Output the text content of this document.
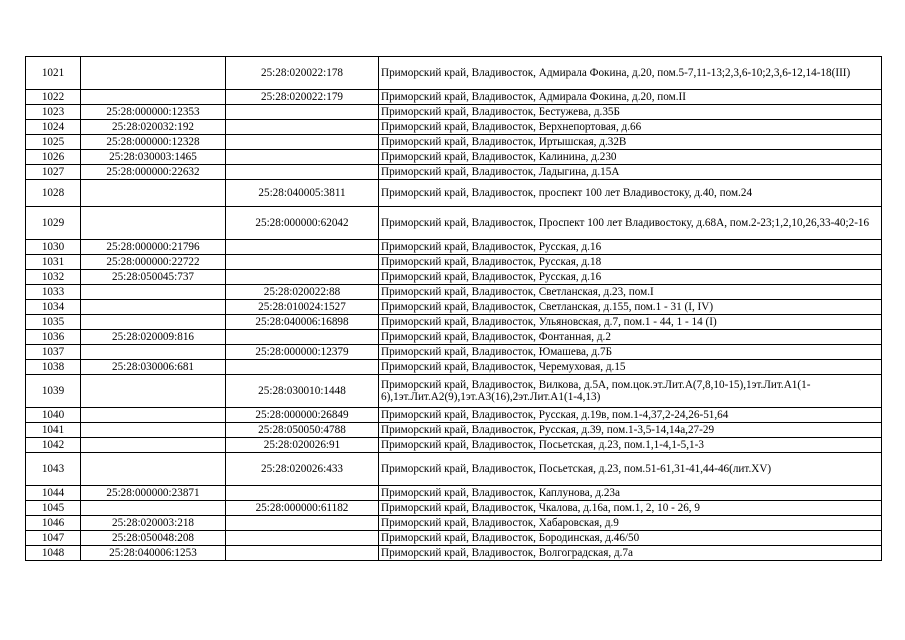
1021		25:28:020022:178	Приморский край, Владивосток, Адмирала Фокина, д.20, пом.5-7,11-13;2,3,6-10;2,3,6-12,14-18(III)
1022		25:28:020022:179	Приморский край, Владивосток, Адмирала Фокина, д.20, пом.II
1023	25:28:000000:12353		Приморский край, Владивосток, Бестужева, д.35Б
1024	25:28:020032:192		Приморский край, Владивосток, Верхнепортовая, д.66
1025	25:28:000000:12328		Приморский край, Владивосток, Иртышская, д.32В
1026	25:28:030003:1465		Приморский край, Владивосток, Калинина, д.230
1027	25:28:000000:22632		Приморский край, Владивосток, Ладыгина, д.15А
1028		25:28:040005:3811	Приморский край, Владивосток, проспект 100 лет Владивостоку, д.40, пом.24
1029		25:28:000000:62042	Приморский край, Владивосток, Проспект 100 лет Владивостоку, д.68А, пом.2-23;1,2,10,26,33-40;2-16
1030	25:28:000000:21796		Приморский край, Владивосток, Русская, д.16
1031	25:28:000000:22722		Приморский край, Владивосток, Русская, д.18
1032	25:28:050045:737		Приморский край, Владивосток, Русская, д.16
1033		25:28:020022:88	Приморский край, Владивосток, Светланская, д.23, пом.I
1034		25:28:010024:1527	Приморский край, Владивосток, Светланская, д.155, пом.1 - 31 (I, IV)
1035		25:28:040006:16898	Приморский край, Владивосток, Ульяновская, д.7, пом.1 - 44, 1 - 14 (I)
1036	25:28:020009:816		Приморский край, Владивосток, Фонтанная, д.2
1037		25:28:000000:12379	Приморский край, Владивосток, Юмашева, д.7Б
1038	25:28:030006:681		Приморский край, Владивосток, Черемуховая, д.15
1039		25:28:030010:1448	Приморский край, Владивосток, Вилкова, д.5А, пом.цок.эт.Лит.А(7,8,10-15),1эт.Лит.А1(1-6),1эт.Лит.А2(9),1эт.А3(16),2эт.Лит.А1(1-4,13)
1040		25:28:000000:26849	Приморский край, Владивосток, Русская, д.19в, пом.1-4,37,2-24,26-51,64
1041		25:28:050050:4788	Приморский край, Владивосток, Русская, д.39, пом.1-3,5-14,14а,27-29
1042		25:28:020026:91	Приморский край, Владивосток, Посьетская, д.23, пом.1,1-4,1-5,1-3
1043		25:28:020026:433	Приморский край, Владивосток, Посьетская, д.23, пом.51-61,31-41,44-46(лит.XV)
1044	25:28:000000:23871		Приморский край, Владивосток, Каплунова, д.23а
1045		25:28:000000:61182	Приморский край, Владивосток, Чкалова, д.16а, пом.1, 2, 10 - 26, 9
1046	25:28:020003:218		Приморский край, Владивосток, Хабаровская, д.9
1047	25:28:050048:208		Приморский край, Владивосток, Бородинская, д.46/50
1048	25:28:040006:1253		Приморский край, Владивосток, Волгоградская, д.7а
